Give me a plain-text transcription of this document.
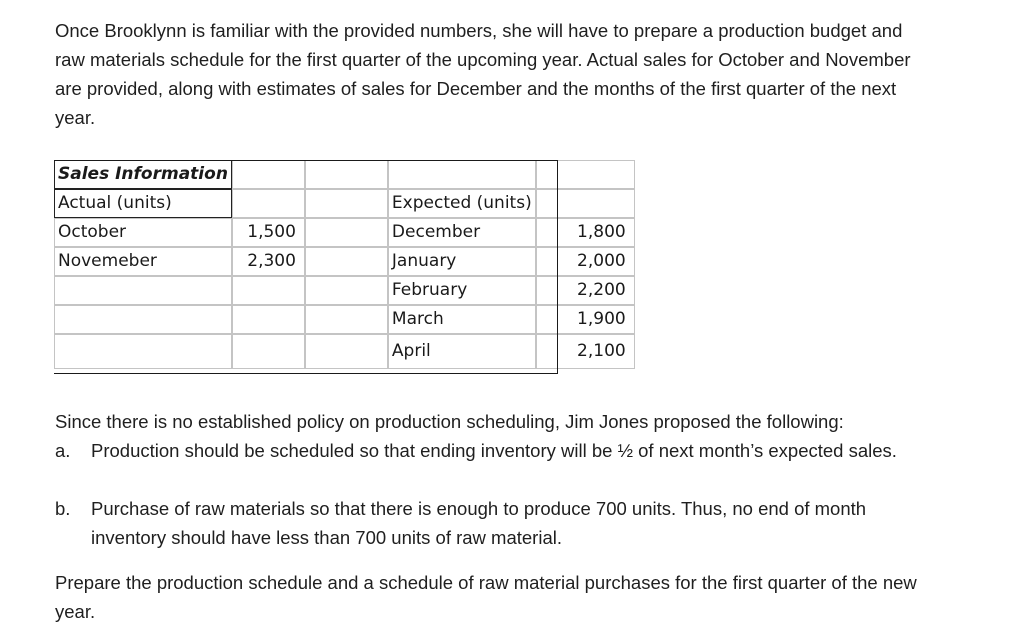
Once Brooklynn is familiar with the provided numbers, she will have to prepare a production budget and raw materials schedule for the first quarter of the upcoming year. Actual sales for October and November are provided, along with estimates of sales for December and the months of the first quarter of the next year.

Sales Information				
Actual (units)			Expected (units)	
October	1,500		December	1,800
Novemeber	2,300		January	2,000
			February	2,200
			March	1,900
			April	2,100

Since there is no established policy on production scheduling, Jim Jones proposed the following:

a. Production should be scheduled so that ending inventory will be ½ of next month’s expected sales.
b. Purchase of raw materials so that there is enough to produce 700 units. Thus, no end of month inventory should have less than 700 units of raw material.

Prepare the production schedule and a schedule of raw material purchases for the first quarter of the new year.
